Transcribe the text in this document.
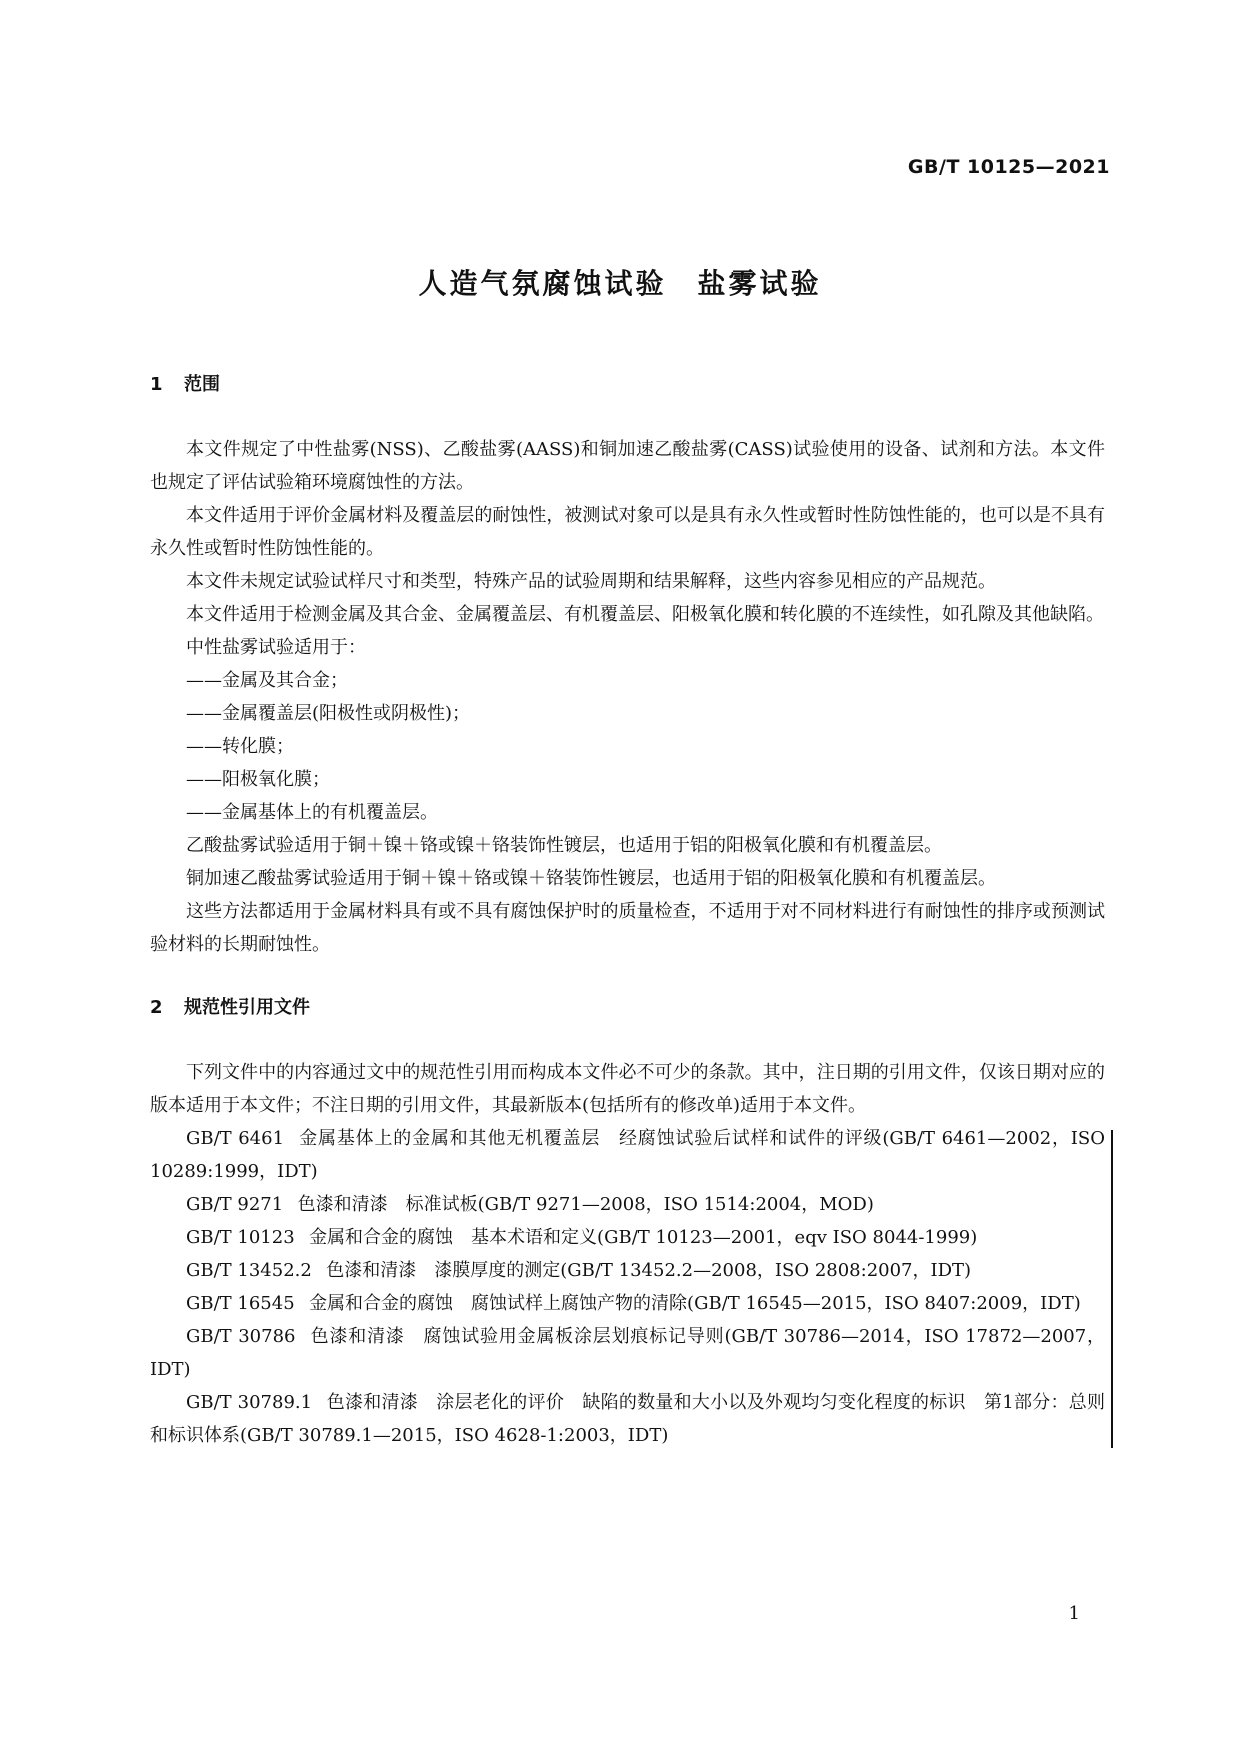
GB/T 10125—2021
人造气氛腐蚀试验　盐雾试验
1 范围

本文件规定了中性盐雾(NSS)、乙酸盐雾(AASS)和铜加速乙酸盐雾(CASS)试验使用的设备、试剂和方法。本文件也规定了评估试验箱环境腐蚀性的方法。

本文件适用于评价金属材料及覆盖层的耐蚀性，被测试对象可以是具有永久性或暂时性防蚀性能的，也可以是不具有永久性或暂时性防蚀性能的。

本文件未规定试验试样尺寸和类型，特殊产品的试验周期和结果解释，这些内容参见相应的产品规范。

本文件适用于检测金属及其合金、金属覆盖层、有机覆盖层、阳极氧化膜和转化膜的不连续性，如孔隙及其他缺陷。

中性盐雾试验适用于：

——金属及其合金；

——金属覆盖层(阳极性或阴极性)；

——转化膜；

——阳极氧化膜；

——金属基体上的有机覆盖层。

乙酸盐雾试验适用于铜＋镍＋铬或镍＋铬装饰性镀层，也适用于铝的阳极氧化膜和有机覆盖层。

铜加速乙酸盐雾试验适用于铜＋镍＋铬或镍＋铬装饰性镀层，也适用于铝的阳极氧化膜和有机覆盖层。

这些方法都适用于金属材料具有或不具有腐蚀保护时的质量检查，不适用于对不同材料进行有耐蚀性的排序或预测试验材料的长期耐蚀性。

2 规范性引用文件

下列文件中的内容通过文中的规范性引用而构成本文件必不可少的条款。其中，注日期的引用文件，仅该日期对应的版本适用于本文件；不注日期的引用文件，其最新版本(包括所有的修改单)适用于本文件。

GB/T 6461 金属基体上的金属和其他无机覆盖层　经腐蚀试验后试样和试件的评级(GB/T 6461—2002，ISO 10289:1999，IDT)

GB/T 9271 色漆和清漆　标准试板(GB/T 9271—2008，ISO 1514:2004，MOD)

GB/T 10123 金属和合金的腐蚀　基本术语和定义(GB/T 10123—2001，eqv ISO 8044-1999)

GB/T 13452.2 色漆和清漆　漆膜厚度的测定(GB/T 13452.2—2008，ISO 2808:2007，IDT)

GB/T 16545 金属和合金的腐蚀　腐蚀试样上腐蚀产物的清除(GB/T 16545—2015，ISO 8407:2009，IDT)

GB/T 30786 色漆和清漆　腐蚀试验用金属板涂层划痕标记导则(GB/T 30786—2014，ISO 17872—2007，IDT)

GB/T 30789.1 色漆和清漆　涂层老化的评价　缺陷的数量和大小以及外观均匀变化程度的标识　第1部分：总则和标识体系(GB/T 30789.1—2015，ISO 4628-1:2003，IDT)

1
